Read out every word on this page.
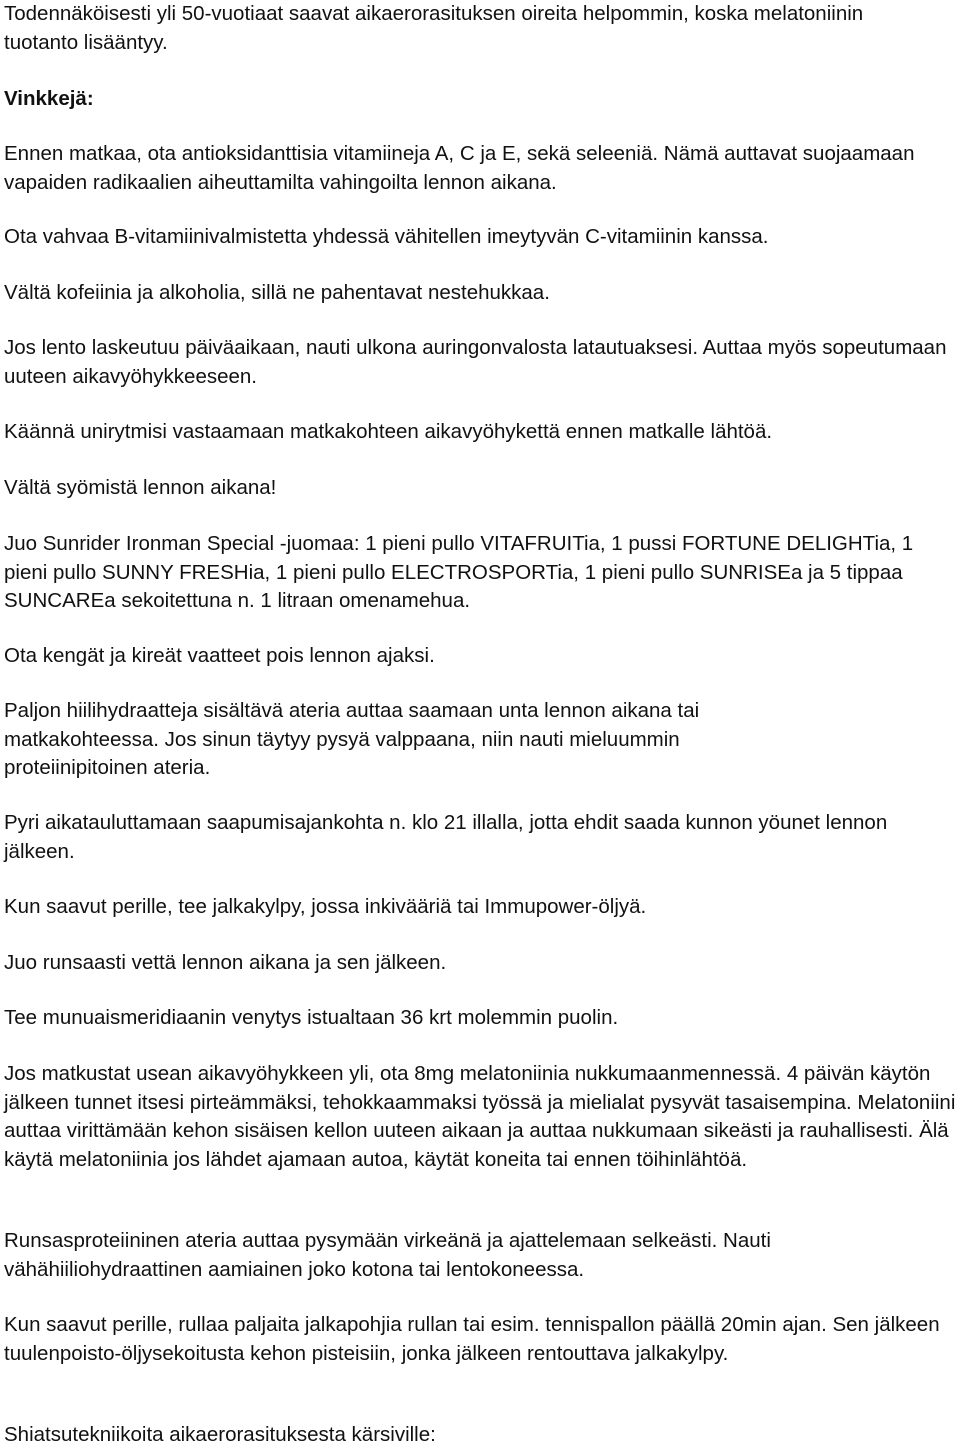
Todennäköisesti yli 50-vuotiaat saavat aikaerorasituksen oireita helpommin, koska melatoniinin tuotanto lisääntyy.

Vinkkejä:

Ennen matkaa, ota antioksidanttisia vitamiineja A, C ja E, sekä seleeniä. Nämä auttavat suojaamaan vapaiden radikaalien aiheuttamilta vahingoilta lennon aikana.

Ota vahvaa B-vitamiinivalmistetta yhdessä vähitellen imeytyvän C-vitamiinin kanssa.

Vältä kofeiinia ja alkoholia, sillä ne pahentavat nestehukkaa.

Jos lento laskeutuu päiväaikaan, nauti ulkona auringonvalosta latautuaksesi. Auttaa myös sopeutumaan uuteen aikavyöhykkeeseen.

Käännä unirytmisi vastaamaan matkakohteen aikavyöhykettä ennen matkalle lähtöä.

Vältä syömistä lennon aikana!

Juo Sunrider Ironman Special -juomaa: 1 pieni pullo VITAFRUITia, 1 pussi FORTUNE DELIGHTia, 1 pieni pullo SUNNY FRESHia, 1 pieni pullo ELECTROSPORTia, 1 pieni pullo SUNRISEa ja 5 tippaa SUNCAREa sekoitettuna n. 1 litraan omenamehua.

Ota kengät ja kireät vaatteet pois lennon ajaksi.

Paljon hiilihydraatteja sisältävä ateria auttaa saamaan unta lennon aikana tai matkakohteessa. Jos sinun täytyy pysyä valppaana, niin nauti mieluummin proteiinipitoinen ateria.

Pyri aikatauluttamaan saapumisajankohta n. klo 21 illalla, jotta ehdit saada kunnon yöunet lennon jälkeen.

Kun saavut perille, tee jalkakylpy, jossa inkivääriä tai Immupower-öljyä.

Juo runsaasti vettä lennon aikana ja sen jälkeen.

Tee munuaismeridiaanin venytys istualtaan 36 krt molemmin puolin.

Jos matkustat usean aikavyöhykkeen yli, ota 8mg melatoniinia nukkumaanmennessä. 4 päivän käytön jälkeen tunnet itsesi pirteämmäksi, tehokkaammaksi työssä ja mielialat pysyvät tasaisempina. Melatoniini auttaa virittämään kehon sisäisen kellon uuteen aikaan ja auttaa nukkumaan sikeästi ja rauhallisesti. Älä käytä melatoniinia jos lähdet ajamaan autoa, käytät koneita tai ennen töihinlähtöä.

Runsasproteiininen ateria auttaa pysymään virkeänä ja ajattelemaan selkeästi. Nauti vähähiiliohydraattinen aamiainen joko kotona tai lentokoneessa.

Kun saavut perille, rullaa paljaita jalkapohjia rullan tai esim. tennispallon päällä 20min ajan. Sen jälkeen tuulenpoisto-öljysekoitusta kehon pisteisiin, jonka jälkeen rentouttava jalkakylpy.

Shiatsutekniikoita aikaerorasituksesta kärsiville:
